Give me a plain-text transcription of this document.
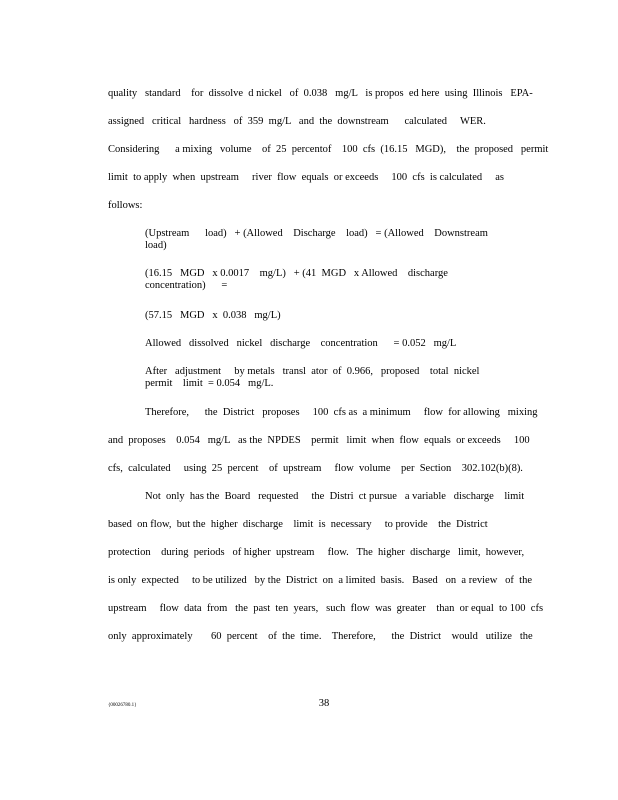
quality   standard    for  dissolve  d nickel   of  0.038   mg/L   is propos  ed here  using  Illinois   EPA-

assigned   critical   hardness   of  359  mg/L   and  the  downstream      calculated     WER.

Considering      a mixing   volume    of  25  percentof    100  cfs  (16.15   MGD),    the  proposed   permit

limit  to apply  when  upstream     river  flow  equals  or exceeds     100  cfs  is calculated     as

follows:

(Upstream      load)   + (Allowed    Discharge    load)   = (Allowed    Downstream

load)

(16.15   MGD   x 0.0017    mg/L)   + (41  MGD   x Allowed    discharge

concentration)      =

(57.15   MGD   x  0.038   mg/L)

Allowed   dissolved   nickel   discharge    concentration      = 0.052   mg/L

After   adjustment     by metals   transl  ator  of  0.966,   proposed    total  nickel

permit    limit  = 0.054   mg/L.

Therefore,      the  District   proposes     100  cfs as  a minimum     flow  for allowing   mixing

and  proposes    0.054   mg/L   as the  NPDES    permit   limit  when  flow  equals  or exceeds     100

cfs,  calculated     using  25  percent    of  upstream     flow  volume    per  Section    302.102(b)(8).

Not  only  has the  Board   requested     the  Distri  ct pursue   a variable   discharge    limit

based  on flow,  but the  higher  discharge    limit  is  necessary     to provide    the  District

protection    during  periods   of higher  upstream     flow.   The  higher  discharge   limit,  however,

is only  expected     to be utilized   by the  District  on  a limited  basis.   Based   on  a review   of  the

upstream     flow  data  from   the  past  ten  years,   such  flow  was  greater    than  or equal  to 100  cfs

only  approximately       60  percent    of  the  time.    Therefore,      the  District    would   utilize   the

{00026780.1}	38
